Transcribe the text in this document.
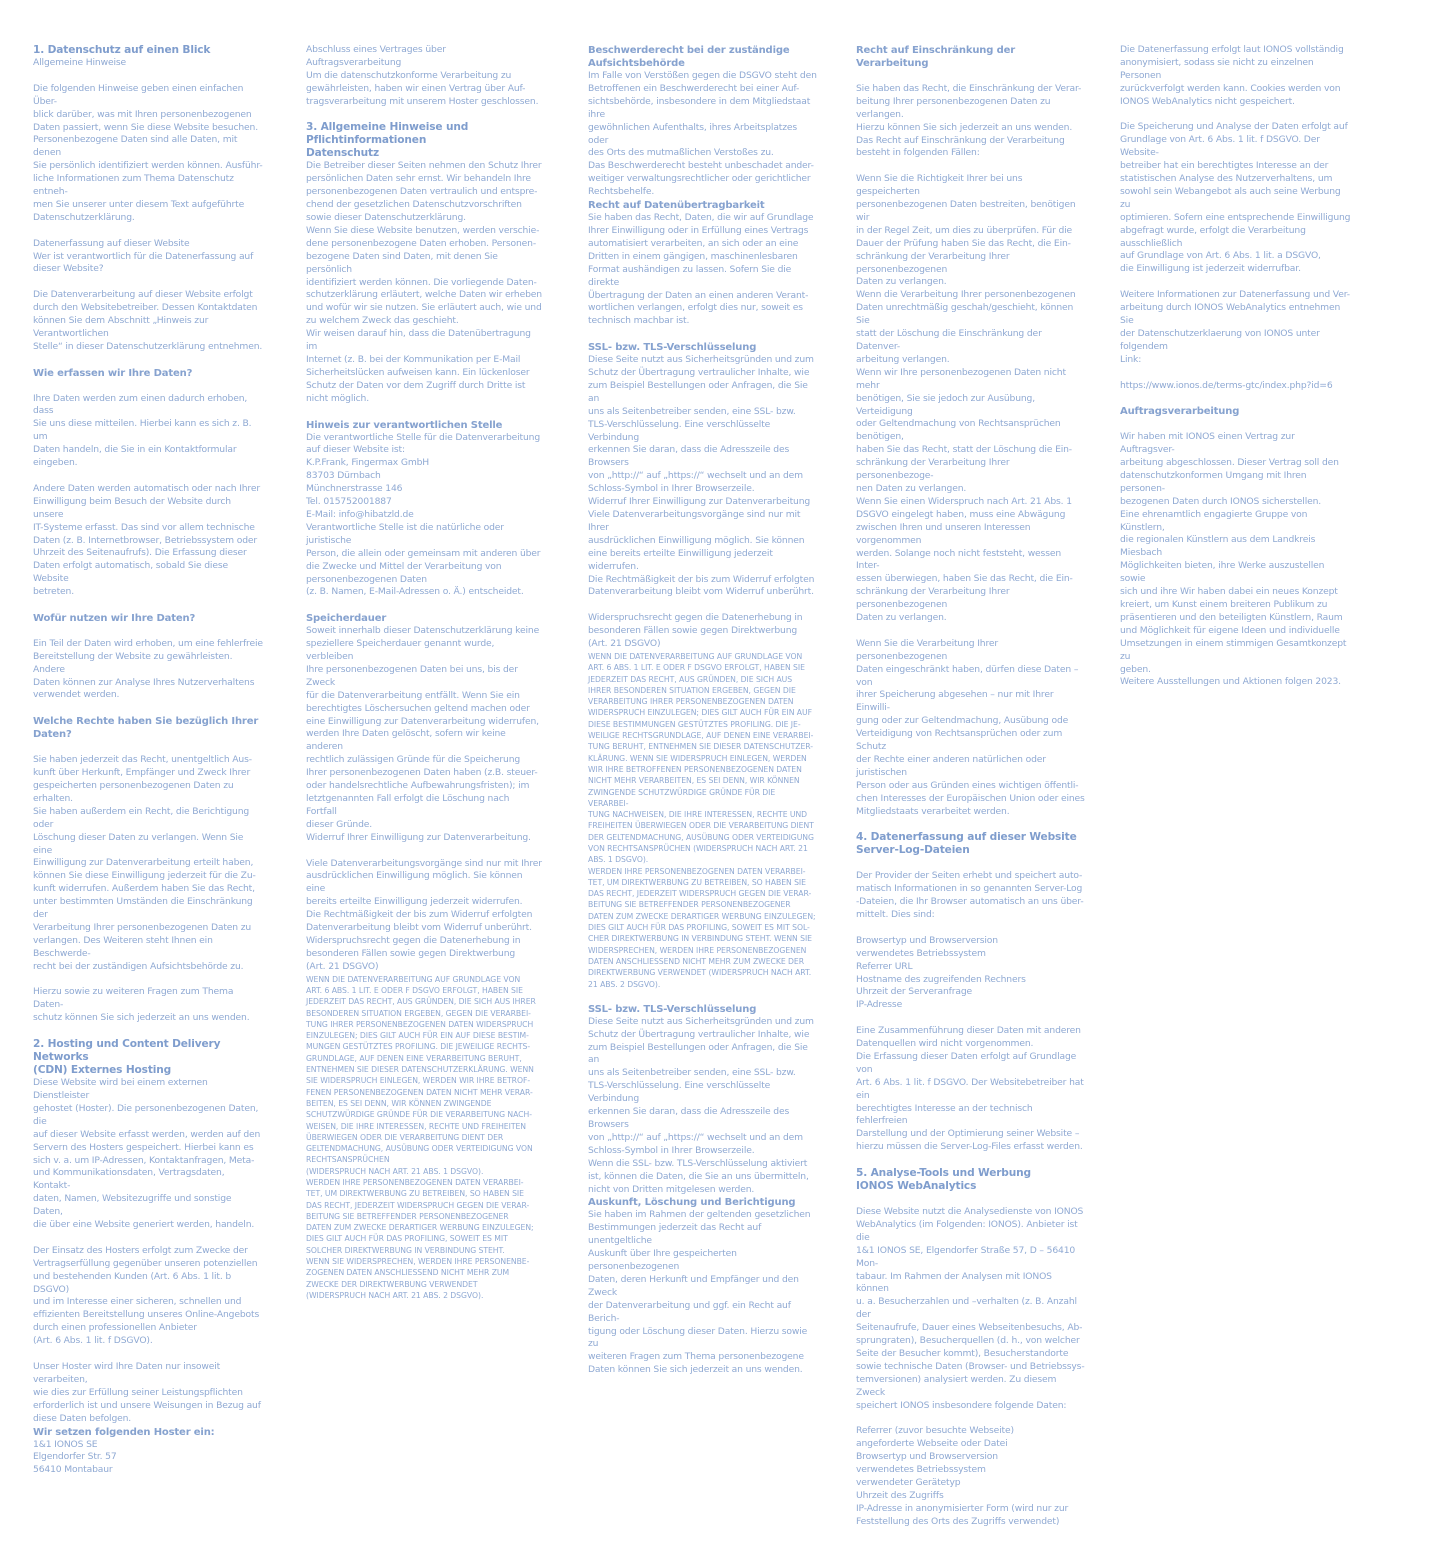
1. Datenschutz auf einen Blick

Allgemeine Hinweise

Die folgenden Hinweise geben einen einfachen Über-
blick darüber, was mit Ihren personenbezogenen
Daten passiert, wenn Sie diese Website besuchen.
Personenbezogene Daten sind alle Daten, mit denen
Sie persönlich identifiziert werden können. Ausführ-
liche Informationen zum Thema Datenschutz entneh-
men Sie unserer unter diesem Text aufgeführte
Datenschutzerklärung.

Datenerfassung auf dieser Website
Wer ist verantwortlich für die Datenerfassung auf
dieser Website?

Die Datenverarbeitung auf dieser Website erfolgt
durch den Websitebetreiber. Dessen Kontaktdaten
können Sie dem Abschnitt „Hinweis zur Verantwortlichen
Stelle“ in dieser Datenschutzerklärung entnehmen.

Wie erfassen wir Ihre Daten?

Ihre Daten werden zum einen dadurch erhoben, dass
Sie uns diese mitteilen. Hierbei kann es sich z. B. um
Daten handeln, die Sie in ein Kontaktformular eingeben.

Andere Daten werden automatisch oder nach Ihrer
Einwilligung beim Besuch der Website durch unsere
IT-Systeme erfasst. Das sind vor allem technische
Daten (z. B. Internetbrowser, Betriebssystem oder
Uhrzeit des Seitenaufrufs). Die Erfassung dieser
Daten erfolgt automatisch, sobald Sie diese Website
betreten.

Wofür nutzen wir Ihre Daten?

Ein Teil der Daten wird erhoben, um eine fehlerfreie
Bereitstellung der Website zu gewährleisten. Andere
Daten können zur Analyse Ihres Nutzerverhaltens
verwendet werden.

Welche Rechte haben Sie bezüglich Ihrer Daten?

Sie haben jederzeit das Recht, unentgeltlich Aus-
kunft über Herkunft, Empfänger und Zweck Ihrer
gespeicherten personenbezogenen Daten zu erhalten.
Sie haben außerdem ein Recht, die Berichtigung oder
Löschung dieser Daten zu verlangen. Wenn Sie eine
Einwilligung zur Datenverarbeitung erteilt haben,
können Sie diese Einwilligung jederzeit für die Zu-
kunft widerrufen. Außerdem haben Sie das Recht,
unter bestimmten Umständen die Einschränkung der
Verarbeitung Ihrer personenbezogenen Daten zu
verlangen. Des Weiteren steht Ihnen ein Beschwerde-
recht bei der zuständigen Aufsichtsbehörde zu.

Hierzu sowie zu weiteren Fragen zum Thema Daten-
schutz können Sie sich jederzeit an uns wenden.

2. Hosting und Content Delivery Networks
(CDN) Externes Hosting

Diese Website wird bei einem externen Dienstleister
gehostet (Hoster). Die personenbezogenen Daten, die
auf dieser Website erfasst werden, werden auf den
Servern des Hosters gespeichert. Hierbei kann es
sich v. a. um IP-Adressen, Kontaktanfragen, Meta-
und Kommunikationsdaten, Vertragsdaten, Kontakt-
daten, Namen, Websitezugriffe und sonstige Daten,
die über eine Website generiert werden, handeln.

Der Einsatz des Hosters erfolgt zum Zwecke der
Vertragserfüllung gegenüber unseren potenziellen
und bestehenden Kunden (Art. 6 Abs. 1 lit. b DSGVO)
und im Interesse einer sicheren, schnellen und
effizienten Bereitstellung unseres Online-Angebots
durch einen professionellen Anbieter
(Art. 6 Abs. 1 lit. f DSGVO).

Unser Hoster wird Ihre Daten nur insoweit verarbeiten,
wie dies zur Erfüllung seiner Leistungspflichten
erforderlich ist und unsere Weisungen in Bezug auf
diese Daten befolgen.

Wir setzen folgenden Hoster ein:

1&1 IONOS SE
Elgendorfer Str. 57
56410 Montabaur

Abschluss eines Vertrages über Auftragsverarbeitung
Um die datenschutzkonforme Verarbeitung zu
gewährleisten, haben wir einen Vertrag über Auf-
tragsverarbeitung mit unserem Hoster geschlossen.

3. Allgemeine Hinweise und Pflichtinformationen
Datenschutz

Die Betreiber dieser Seiten nehmen den Schutz Ihrer
persönlichen Daten sehr ernst. Wir behandeln Ihre
personenbezogenen Daten vertraulich und entspre-
chend der gesetzlichen Datenschutzvorschriften
sowie dieser Datenschutzerklärung.
Wenn Sie diese Website benutzen, werden verschie-
dene personenbezogene Daten erhoben. Personen-
bezogene Daten sind Daten, mit denen Sie persönlich
identifiziert werden können. Die vorliegende Daten-
schutzerklärung erläutert, welche Daten wir erheben
und wofür wir sie nutzen. Sie erläutert auch, wie und
zu welchem Zweck das geschieht.
Wir weisen darauf hin, dass die Datenübertragung im
Internet (z. B. bei der Kommunikation per E-Mail
Sicherheitslücken aufweisen kann. Ein lückenloser
Schutz der Daten vor dem Zugriff durch Dritte ist
nicht möglich.

Hinweis zur verantwortlichen Stelle

Die verantwortliche Stelle für die Datenverarbeitung
auf dieser Website ist:
K.P.Frank, Fingermax GmbH
83703 Dürnbach
Münchnerstrasse 146
Tel. 015752001887
E-Mail: info@hibatzld.de
Verantwortliche Stelle ist die natürliche oder juristische
Person, die allein oder gemeinsam mit anderen über
die Zwecke und Mittel der Verarbeitung von
personenbezogenen Daten
(z. B. Namen, E-Mail-Adressen o. Ä.) entscheidet.

Speicherdauer

Soweit innerhalb dieser Datenschutzerklärung keine
speziellere Speicherdauer genannt wurde, verbleiben
Ihre personenbezogenen Daten bei uns, bis der Zweck
für die Datenverarbeitung entfällt. Wenn Sie ein
berechtigtes Löschersuchen geltend machen oder
eine Einwilligung zur Datenverarbeitung widerrufen,
werden Ihre Daten gelöscht, sofern wir keine anderen
rechtlich zulässigen Gründe für die Speicherung
Ihrer personenbezogenen Daten haben (z.B. steuer-
oder handelsrechtliche Aufbewahrungsfristen); im
letztgenannten Fall erfolgt die Löschung nach Fortfall
dieser Gründe.
Widerruf Ihrer Einwilligung zur Datenverarbeitung.

Viele Datenverarbeitungsvorgänge sind nur mit Ihrer
ausdrücklichen Einwilligung möglich. Sie können eine
bereits erteilte Einwilligung jederzeit widerrufen.
Die Rechtmäßigkeit der bis zum Widerruf erfolgten
Datenverarbeitung bleibt vom Widerruf unberührt.
Widerspruchsrecht gegen die Datenerhebung in
besonderen Fällen sowie gegen Direktwerbung
(Art. 21 DSGVO)

WENN DIE DATENVERARBEITUNG AUF GRUNDLAGE VON
ART. 6 ABS. 1 LIT. E ODER F DSGVO ERFOLGT, HABEN SIE
JEDERZEIT DAS RECHT, AUS GRÜNDEN, DIE SICH AUS IHRER
BESONDEREN SITUATION ERGEBEN, GEGEN DIE VERARBEI-
TUNG IHRER PERSONENBEZOGENEN DATEN WIDERSPRUCH
EINZULEGEN; DIES GILT AUCH FÜR EIN AUF DIESE BESTIM-
MUNGEN GESTÜTZTES PROFILING. DIE JEWEILIGE RECHTS-
GRUNDLAGE, AUF DENEN EINE VERARBEITUNG BERUHT,
ENTNEHMEN SIE DIESER DATENSCHUTZERKLÄRUNG. WENN
SIE WIDERSPRUCH EINLEGEN, WERDEN WIR IHRE BETROF-
FENEN PERSONENBEZOGENEN DATEN NICHT MEHR VERAR-
BEITEN, ES SEI DENN, WIR KÖNNEN ZWINGENDE
SCHUTZWÜRDIGE GRÜNDE FÜR DIE VERARBEITUNG NACH-
WEISEN, DIE IHRE INTERESSEN, RECHTE UND FREIHEITEN
ÜBERWIEGEN ODER DIE VERARBEITUNG DIENT DER
GELTENDMACHUNG, AUSÜBUNG ODER VERTEIDIGUNG VON
RECHTSANSPRÜCHEN
(WIDERSPRUCH NACH ART. 21 ABS. 1 DSGVO).
WERDEN IHRE PERSONENBEZOGENEN DATEN VERARBEI-
TET, UM DIREKTWERBUNG ZU BETREIBEN, SO HABEN SIE
DAS RECHT, JEDERZEIT WIDERSPRUCH GEGEN DIE VERAR-
BEITUNG SIE BETREFFENDER PERSONENBEZOGENER
DATEN ZUM ZWECKE DERARTIGER WERBUNG EINZULEGEN;
DIES GILT AUCH FÜR DAS PROFILING, SOWEIT ES MIT
SOLCHER DIREKTWERBUNG IN VERBINDUNG STEHT.
WENN SIE WIDERSPRECHEN, WERDEN IHRE PERSONENBE-
ZOGENEN DATEN ANSCHLIESSEND NICHT MEHR ZUM
ZWECKE DER DIREKTWERBUNG VERWENDET
(WIDERSPRUCH NACH ART. 21 ABS. 2 DSGVO).

Beschwerderecht bei der zuständige
Aufsichtsbehörde

Im Falle von Verstößen gegen die DSGVO steht den
Betroffenen ein Beschwerderecht bei einer Auf-
sichtsbehörde, insbesondere in dem Mitgliedstaat
ihre
gewöhnlichen Aufenthalts, ihres Arbeitsplatzes oder
des Orts des mutmaßlichen Verstoßes zu.
Das Beschwerderecht besteht unbeschadet ander-
weitiger verwaltungsrechtlicher oder gerichtlicher
Rechtsbehelfe.

Recht auf Datenübertragbarkeit

Sie haben das Recht, Daten, die wir auf Grundlage
Ihrer Einwilligung oder in Erfüllung eines Vertrags
automatisiert verarbeiten, an sich oder an eine
Dritten in einem gängigen, maschinenlesbaren
Format aushändigen zu lassen. Sofern Sie die direkte
Übertragung der Daten an einen anderen Verant-
wortlichen verlangen, erfolgt dies nur, soweit es
technisch machbar ist.

SSL- bzw. TLS-Verschlüsselung

Diese Seite nutzt aus Sicherheitsgründen und zum
Schutz der Übertragung vertraulicher Inhalte, wie
zum Beispiel Bestellungen oder Anfragen, die Sie an
uns als Seitenbetreiber senden, eine SSL- bzw.
TLS-Verschlüsselung. Eine verschlüsselte Verbindung
erkennen Sie daran, dass die Adresszeile des Browsers
von „http://“ auf „https://“ wechselt und an dem
Schloss-Symbol in Ihrer Browserzeile.
Widerruf Ihrer Einwilligung zur Datenverarbeitung
Viele Datenverarbeitungsvorgänge sind nur mit Ihrer
ausdrücklichen Einwilligung möglich. Sie können
eine bereits erteilte Einwilligung jederzeit widerrufen.
Die Rechtmäßigkeit der bis zum Widerruf erfolgten
Datenverarbeitung bleibt vom Widerruf unberührt.

Widerspruchsrecht gegen die Datenerhebung in
besonderen Fällen sowie gegen Direktwerbung
(Art. 21 DSGVO)

WENN DIE DATENVERARBEITUNG AUF GRUNDLAGE VON
ART. 6 ABS. 1 LIT. E ODER F DSGVO ERFOLGT, HABEN SIE
JEDERZEIT DAS RECHT, AUS GRÜNDEN, DIE SICH AUS
IHRER BESONDEREN SITUATION ERGEBEN, GEGEN DIE
VERARBEITUNG IHRER PERSONENBEZOGENEN DATEN
WIDERSPRUCH EINZULEGEN; DIES GILT AUCH FÜR EIN AUF
DIESE BESTIMMUNGEN GESTÜTZTES PROFILING. DIE JE-
WEILIGE RECHTSGRUNDLAGE, AUF DENEN EINE VERARBEI-
TUNG BERUHT, ENTNEHMEN SIE DIESER DATENSCHUTZER-
KLÄRUNG. WENN SIE WIDERSPRUCH EINLEGEN, WERDEN
WIR IHRE BETROFFENEN PERSONENBEZOGENEN DATEN
NICHT MEHR VERARBEITEN, ES SEI DENN, WIR KÖNNEN
ZWINGENDE SCHUTZWÜRDIGE GRÜNDE FÜR DIE VERARBEI-
TUNG NACHWEISEN, DIE IHRE INTERESSEN, RECHTE UND
FREIHEITEN ÜBERWIEGEN ODER DIE VERARBEITUNG DIENT
DER GELTENDMACHUNG, AUSÜBUNG ODER VERTEIDIGUNG
VON RECHTSANSPRÜCHEN (WIDERSPRUCH NACH ART. 21
ABS. 1 DSGVO).
WERDEN IHRE PERSONENBEZOGENEN DATEN VERARBEI-
TET, UM DIREKTWERBUNG ZU BETREIBEN, SO HABEN SIE
DAS RECHT, JEDERZEIT WIDERSPRUCH GEGEN DIE VERAR-
BEITUNG SIE BETREFFENDER PERSONENBEZOGENER
DATEN ZUM ZWECKE DERARTIGER WERBUNG EINZULEGEN;
DIES GILT AUCH FÜR DAS PROFILING, SOWEIT ES MIT SOL-
CHER DIREKTWERBUNG IN VERBINDUNG STEHT. WENN SIE
WIDERSPRECHEN, WERDEN IHRE PERSONENBEZOGENEN
DATEN ANSCHLIESSEND NICHT MEHR ZUM ZWECKE DER
DIREKTWERBUNG VERWENDET (WIDERSPRUCH NACH ART.
21 ABS. 2 DSGVO).

SSL- bzw. TLS-Verschlüsselung

Diese Seite nutzt aus Sicherheitsgründen und zum
Schutz der Übertragung vertraulicher Inhalte, wie
zum Beispiel Bestellungen oder Anfragen, die Sie an
uns als Seitenbetreiber senden, eine SSL- bzw.
TLS-Verschlüsselung. Eine verschlüsselte Verbindung
erkennen Sie daran, dass die Adresszeile des Browsers
von „http://“ auf „https://“ wechselt und an dem
Schloss-Symbol in Ihrer Browserzeile.
Wenn die SSL- bzw. TLS-Verschlüsselung aktiviert
ist, können die Daten, die Sie an uns übermitteln,
nicht von Dritten mitgelesen werden.

Auskunft, Löschung und Berichtigung

Sie haben im Rahmen der geltenden gesetzlichen
Bestimmungen jederzeit das Recht auf unentgeltliche
Auskunft über Ihre gespeicherten personenbezogenen
Daten, deren Herkunft und Empfänger und den Zweck
der Datenverarbeitung und ggf. ein Recht auf Berich-
tigung oder Löschung dieser Daten. Hierzu sowie zu
weiteren Fragen zum Thema personenbezogene
Daten können Sie sich jederzeit an uns wenden.

Recht auf Einschränkung der Verarbeitung

Sie haben das Recht, die Einschränkung der Verar-
beitung Ihrer personenbezogenen Daten zu verlangen.
Hierzu können Sie sich jederzeit an uns wenden.
Das Recht auf Einschränkung der Verarbeitung
besteht in folgenden Fällen:

Wenn Sie die Richtigkeit Ihrer bei uns gespeicherten
personenbezogenen Daten bestreiten, benötigen wir
in der Regel Zeit, um dies zu überprüfen. Für die
Dauer der Prüfung haben Sie das Recht, die Ein-
schränkung der Verarbeitung Ihrer personenbezogenen
Daten zu verlangen.
Wenn die Verarbeitung Ihrer personenbezogenen
Daten unrechtmäßig geschah/geschieht, können Sie
statt der Löschung die Einschränkung der Datenver-
arbeitung verlangen.
Wenn wir Ihre personenbezogenen Daten nicht mehr
benötigen, Sie sie jedoch zur Ausübung, Verteidigung
oder Geltendmachung von Rechtsansprüchen benötigen,
haben Sie das Recht, statt der Löschung die Ein-
schränkung der Verarbeitung Ihrer personenbezoge-
nen Daten zu verlangen.
Wenn Sie einen Widerspruch nach Art. 21 Abs. 1
DSGVO eingelegt haben, muss eine Abwägung
zwischen Ihren und unseren Interessen vorgenommen
werden. Solange noch nicht feststeht, wessen Inter-
essen überwiegen, haben Sie das Recht, die Ein-
schränkung der Verarbeitung Ihrer personenbezogenen
Daten zu verlangen.

Wenn Sie die Verarbeitung Ihrer personenbezogenen
Daten eingeschränkt haben, dürfen diese Daten – von
ihrer Speicherung abgesehen – nur mit Ihrer Einwilli-
gung oder zur Geltendmachung, Ausübung ode
Verteidigung von Rechtsansprüchen oder zum Schutz
der Rechte einer anderen natürlichen oder juristischen
Person oder aus Gründen eines wichtigen öffentli-
chen Interesses der Europäischen Union oder eines
Mitgliedstaats verarbeitet werden.

4. Datenerfassung auf dieser Website
Server-Log-Dateien

Der Provider der Seiten erhebt und speichert auto-
matisch Informationen in so genannten Server-Log
-Dateien, die Ihr Browser automatisch an uns über-
mittelt. Dies sind:

Browsertyp und Browserversion
verwendetes Betriebssystem
Referrer URL
Hostname des zugreifenden Rechners
Uhrzeit der Serveranfrage
IP-Adresse

Eine Zusammenführung dieser Daten mit anderen
Datenquellen wird nicht vorgenommen.
Die Erfassung dieser Daten erfolgt auf Grundlage von
Art. 6 Abs. 1 lit. f DSGVO. Der Websitebetreiber hat ein
berechtigtes Interesse an der technisch fehlerfreien
Darstellung und der Optimierung seiner Website –
hierzu müssen die Server-Log-Files erfasst werden.

5. Analyse-Tools und Werbung
IONOS WebAnalytics

Diese Website nutzt die Analysedienste von IONOS
WebAnalytics (im Folgenden: IONOS). Anbieter ist die
1&1 IONOS SE, Elgendorfer Straße 57, D – 56410 Mon-
tabaur. Im Rahmen der Analysen mit IONOS können
u. a. Besucherzahlen und –verhalten (z. B. Anzahl der
Seitenaufrufe, Dauer eines Webseitenbesuchs, Ab-
sprungraten), Besucherquellen (d. h., von welcher
Seite der Besucher kommt), Besucherstandorte
sowie technische Daten (Browser- und Betriebssys-
temversionen) analysiert werden. Zu diesem Zweck
speichert IONOS insbesondere folgende Daten:

Referrer (zuvor besuchte Webseite)
angeforderte Webseite oder Datei
Browsertyp und Browserversion
verwendetes Betriebssystem
verwendeter Gerätetyp
Uhrzeit des Zugriffs
IP-Adresse in anonymisierter Form (wird nur zur
Feststellung des Orts des Zugriffs verwendet)

Die Datenerfassung erfolgt laut IONOS vollständig
anonymisiert, sodass sie nicht zu einzelnen Personen
zurückverfolgt werden kann. Cookies werden von
IONOS WebAnalytics nicht gespeichert.

Die Speicherung und Analyse der Daten erfolgt auf
Grundlage von Art. 6 Abs. 1 lit. f DSGVO. Der Website-
betreiber hat ein berechtigtes Interesse an der
statistischen Analyse des Nutzerverhaltens, um
sowohl sein Webangebot als auch seine Werbung zu
optimieren. Sofern eine entsprechende Einwilligung
abgefragt wurde, erfolgt die Verarbeitung ausschließlich
auf Grundlage von Art. 6 Abs. 1 lit. a DSGVO,
die Einwilligung ist jederzeit widerrufbar.

Weitere Informationen zur Datenerfassung und Ver-
arbeitung durch IONOS WebAnalytics entnehmen Sie
der Datenschutzerklaerung von IONOS unter folgendem
Link:

https://www.ionos.de/terms-gtc/index.php?id=6

Auftragsverarbeitung

Wir haben mit IONOS einen Vertrag zur Auftragsver-
arbeitung abgeschlossen. Dieser Vertrag soll den
datenschutzkonformen Umgang mit Ihren personen-
bezogenen Daten durch IONOS sicherstellen.
Eine ehrenamtlich engagierte Gruppe von Künstlern,
die regionalen Künstlern aus dem Landkreis Miesbach
Möglichkeiten bieten, ihre Werke auszustellen sowie
sich und ihre Wir haben dabei ein neues Konzept
kreiert, um Kunst einem breiteren Publikum zu
präsentieren und den beteiligten Künstlern, Raum
und Möglichkeit für eigene Ideen und individuelle
Umsetzungen in einem stimmigen Gesamtkonzept zu
geben.
Weitere Ausstellungen und Aktionen folgen 2023.
